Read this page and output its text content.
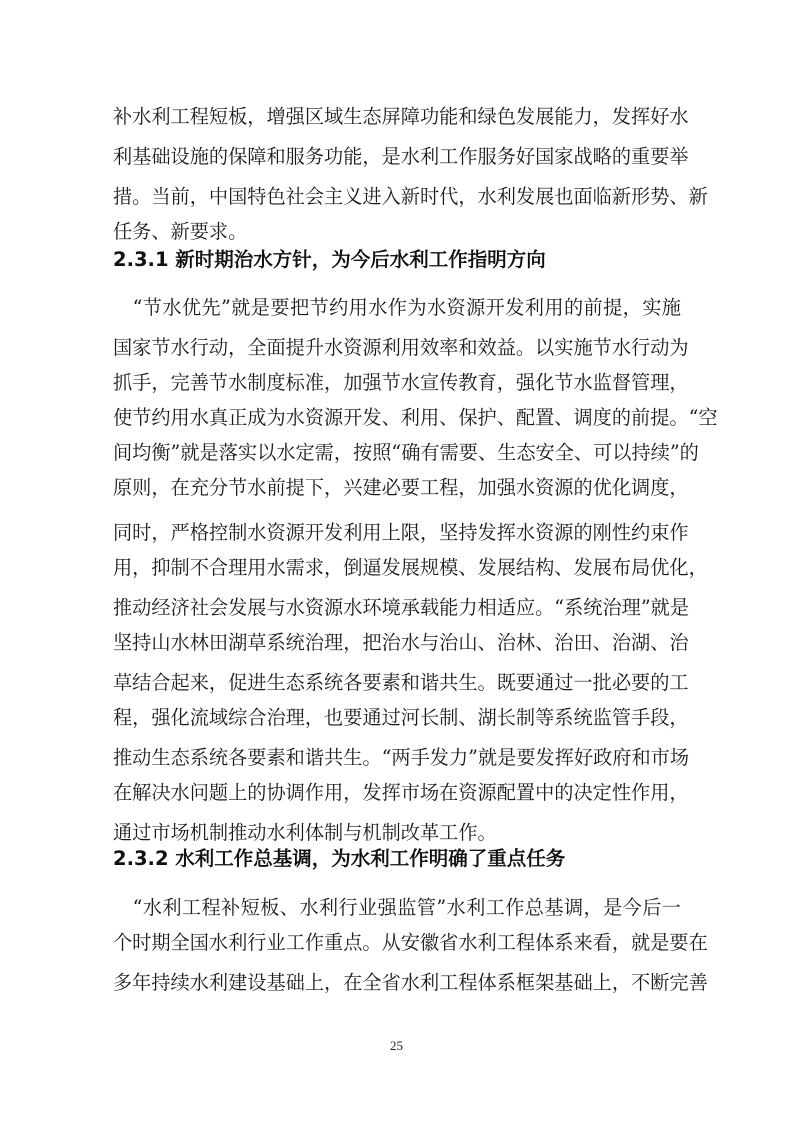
补水利工程短板，增强区域生态屏障功能和绿色发展能力，发挥好水
利基础设施的保障和服务功能，是水利工作服务好国家战略的重要举
措。当前，中国特色社会主义进入新时代，水利发展也面临新形势、新
任务、新要求。
2.3.1 新时期治水方针，为今后水利工作指明方向
　“节水优先”就是要把节约用水作为水资源开发利用的前提，实施
国家节水行动，全面提升水资源利用效率和效益。以实施节水行动为
抓手，完善节水制度标准，加强节水宣传教育，强化节水监督管理，
使节约用水真正成为水资源开发、利用、保护、配置、调度的前提。“空
间均衡”就是落实以水定需，按照“确有需要、生态安全、可以持续”的
原则，在充分节水前提下，兴建必要工程，加强水资源的优化调度，
同时，严格控制水资源开发利用上限，坚持发挥水资源的刚性约束作
用，抑制不合理用水需求，倒逼发展规模、发展结构、发展布局优化，
推动经济社会发展与水资源水环境承载能力相适应。“系统治理”就是
坚持山水林田湖草系统治理，把治水与治山、治林、治田、治湖、治
草结合起来，促进生态系统各要素和谐共生。既要通过一批必要的工
程，强化流域综合治理，也要通过河长制、湖长制等系统监管手段，
推动生态系统各要素和谐共生。“两手发力”就是要发挥好政府和市场
在解决水问题上的协调作用，发挥市场在资源配置中的决定性作用，
通过市场机制推动水利体制与机制改革工作。
2.3.2 水利工作总基调，为水利工作明确了重点任务
　“水利工程补短板、水利行业强监管”水利工作总基调，是今后一
个时期全国水利行业工作重点。从安徽省水利工程体系来看，就是要在
多年持续水利建设基础上，在全省水利工程体系框架基础上，不断完善
25
